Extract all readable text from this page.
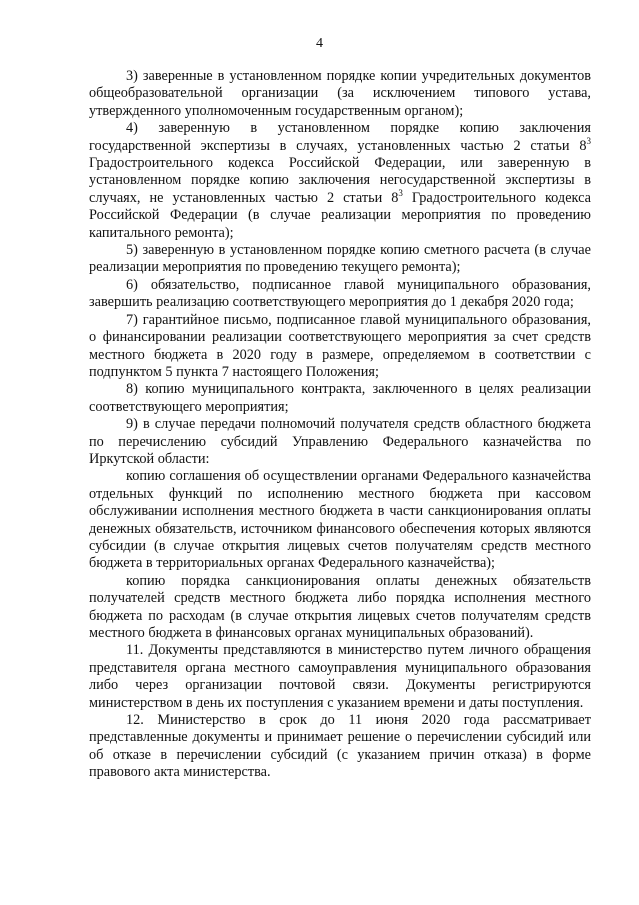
4

3) заверенные в установленном порядке копии учредительных документов общеобразовательной организации (за исключением типового устава, утвержденного уполномоченным государственным органом);

4) заверенную в установленном порядке копию заключения государственной экспертизы в случаях, установленных частью 2 статьи $8^3$ Градостроительного кодекса Российской Федерации, или заверенную в установленном порядке копию заключения негосударственной экспертизы в случаях, не установленных частью 2 статьи $8^3$ Градостроительного кодекса Российской Федерации (в случае реализации мероприятия по проведению капитального ремонта);

5) заверенную в установленном порядке копию сметного расчета (в случае реализации мероприятия по проведению текущего ремонта);

6) обязательство, подписанное главой муниципального образования, завершить реализацию соответствующего мероприятия до 1 декабря 2020 года;

7) гарантийное письмо, подписанное главой муниципального образования, о финансировании реализации соответствующего мероприятия за счет средств местного бюджета в 2020 году в размере, определяемом в соответствии с подпунктом 5 пункта 7 настоящего Положения;

8) копию муниципального контракта, заключенного в целях реализации соответствующего мероприятия;

9) в случае передачи полномочий получателя средств областного бюджета по перечислению субсидий Управлению Федерального казначейства по Иркутской области:

копию соглашения об осуществлении органами Федерального казначейства отдельных функций по исполнению местного бюджета при кассовом обслуживании исполнения местного бюджета в части санкционирования оплаты денежных обязательств, источником финансового обеспечения которых являются субсидии (в случае открытия лицевых счетов получателям средств местного бюджета в территориальных органах Федерального казначейства);

копию порядка санкционирования оплаты денежных обязательств получателей средств местного бюджета либо порядка исполнения местного бюджета по расходам (в случае открытия лицевых счетов получателям средств местного бюджета в финансовых органах муниципальных образований).

11. Документы представляются в министерство путем личного обращения представителя органа местного самоуправления муниципального образования либо через организации почтовой связи. Документы регистрируются министерством в день их поступления с указанием времени и даты поступления.

12. Министерство в срок до 11 июня 2020 года рассматривает представленные документы и принимает решение о перечислении субсидий или об отказе в перечислении субсидий (с указанием причин отказа) в форме правового акта министерства.
